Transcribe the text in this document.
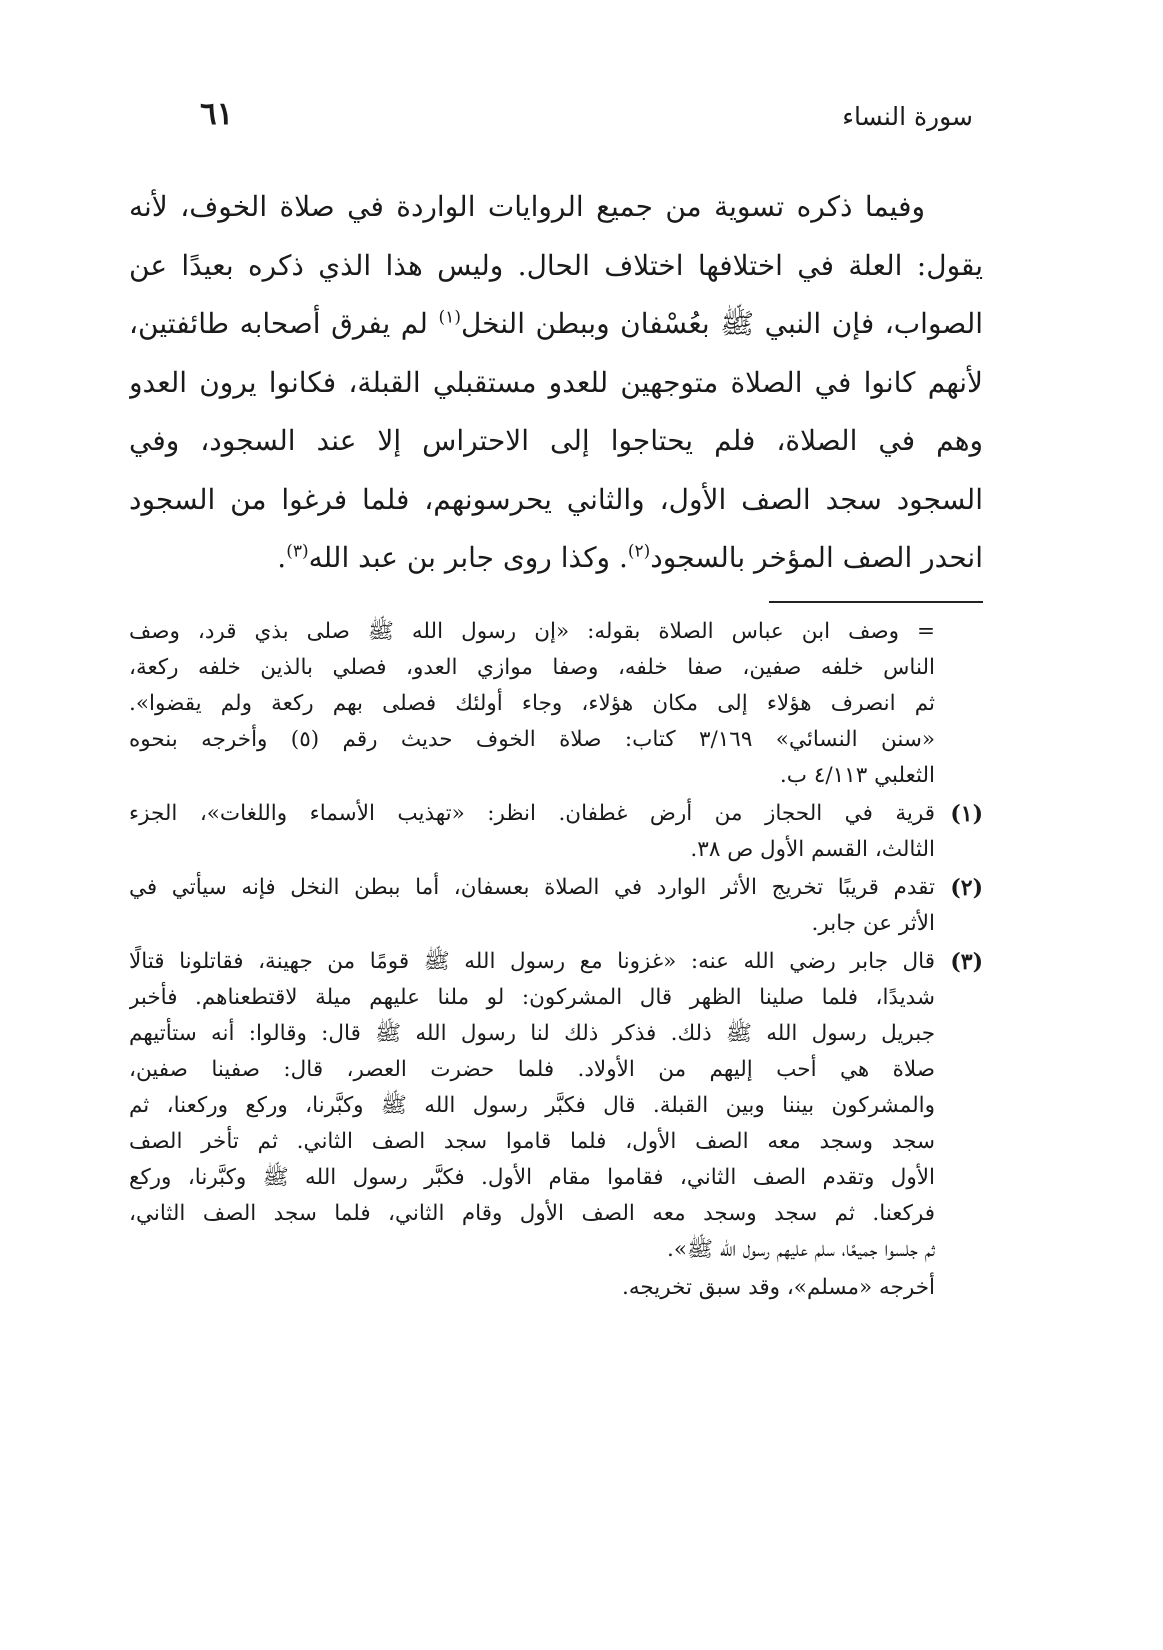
سورة النساء
٦١
وفيما ذكره تسوية من جميع الروايات الواردة في صلاة الخوف، لأنه
يقول: العلة في اختلافها اختلاف الحال. وليس هذا الذي ذكره بعيدًا عن
الصواب، فإن النبي ﷺ بعُسْفان وببطن النخل$^{(١)}$ لم يفرق أصحابه طائفتين،
لأنهم كانوا في الصلاة متوجهين للعدو مستقبلي القبلة، فكانوا يرون العدو
وهم في الصلاة، فلم يحتاجوا إلى الاحتراس إلا عند السجود، وفي
السجود سجد الصف الأول، والثاني يحرسونهم، فلما فرغوا من السجود
انحدر الصف المؤخر بالسجود$^{(٢)}$. وكذا روى جابر بن عبد الله$^{(٣)}$.
= وصف ابن عباس الصلاة بقوله: «إن رسول الله ﷺ صلى بذي قرد، وصف
الناس خلفه صفين، صفا خلفه، وصفا موازي العدو، فصلي بالذين خلفه ركعة،
ثم انصرف هؤلاء إلى مكان هؤلاء، وجاء أولئك فصلى بهم ركعة ولم يقضوا».
«سنن النسائي» ٣/١٦٩ كتاب: صلاة الخوف حديث رقم (٥) وأخرجه بنحوه
الثعلبي ٤/١١٣ ب.
(١)
قرية في الحجاز من أرض غطفان. انظر: «تهذيب الأسماء واللغات»، الجزء
الثالث، القسم الأول ص ٣٨.
(٢)
تقدم قريبًا تخريج الأثر الوارد في الصلاة بعسفان، أما ببطن النخل فإنه سيأتي في
الأثر عن جابر.
(٣)
قال جابر رضي الله عنه: «غزونا مع رسول الله ﷺ قومًا من جهينة، فقاتلونا قتالًا
شديدًا، فلما صلينا الظهر قال المشركون: لو ملنا عليهم ميلة لاقتطعناهم. فأخبر
جبريل رسول الله ﷺ ذلك. فذكر ذلك لنا رسول الله ﷺ قال: وقالوا: أنه ستأتيهم
صلاة هي أحب إليهم من الأولاد. فلما حضرت العصر، قال: صفينا صفين،
والمشركون بيننا وبين القبلة. قال فكبَّر رسول الله ﷺ وكبَّرنا، وركع وركعنا، ثم
سجد وسجد معه الصف الأول، فلما قاموا سجد الصف الثاني. ثم تأخر الصف
الأول وتقدم الصف الثاني، فقاموا مقام الأول. فكبَّر رسول الله ﷺ وكبَّرنا، وركع
فركعنا. ثم سجد وسجد معه الصف الأول وقام الثاني، فلما سجد الصف الثاني،
ثم جلسوا جميعًا، سلم عليهم رسول الله ﷺ».
أخرجه «مسلم»، وقد سبق تخريجه.
